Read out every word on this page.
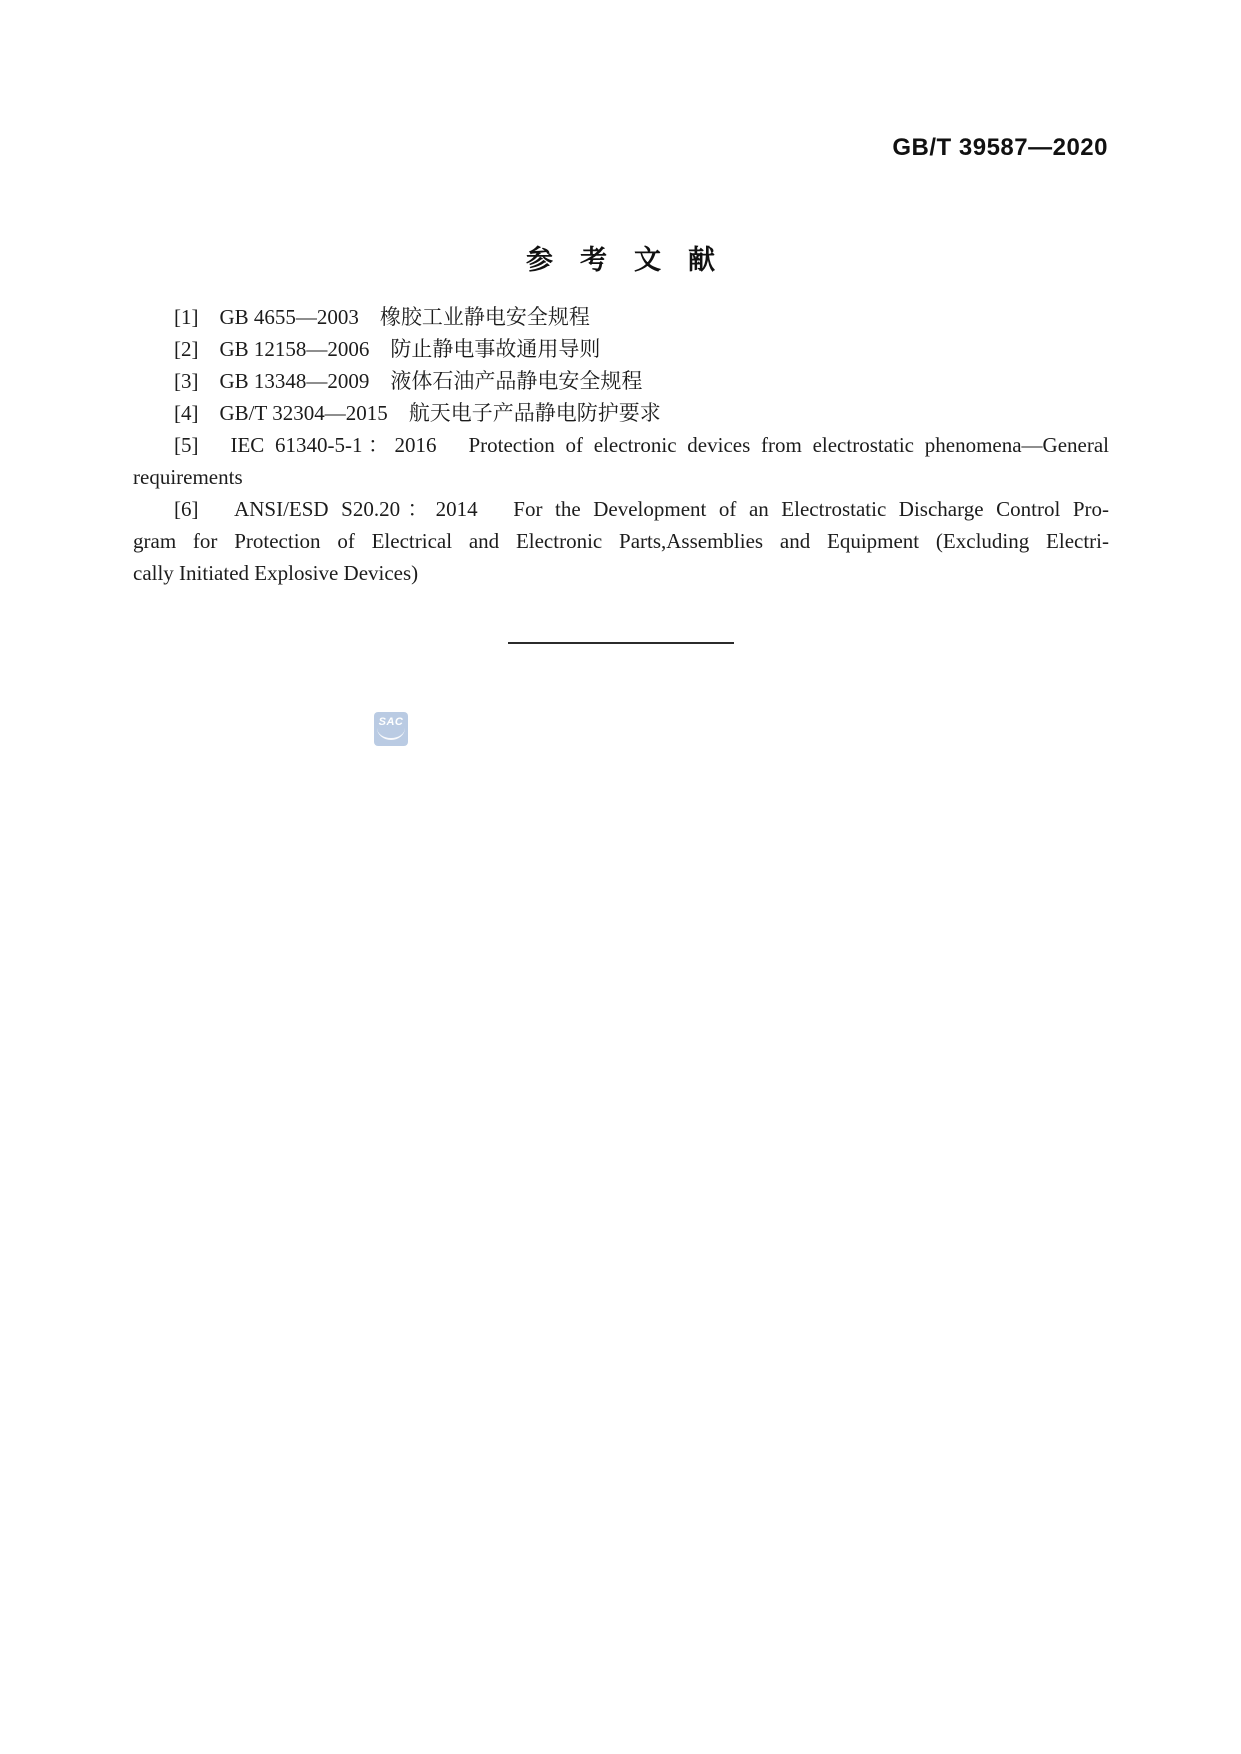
GB/T 39587—2020
参　考　文　献
[1]　GB 4655—2003　橡胶工业静电安全规程
[2]　GB 12158—2006　防止静电事故通用导则
[3]　GB 13348—2009　液体石油产品静电安全规程
[4]　GB/T 32304—2015　航天电子产品静电防护要求
[5]　IEC 61340-5-1：2016　Protection of electronic devices from electrostatic phenomena—General
requirements
[6]　ANSI/ESD S20.20：2014　For the Development of an Electrostatic Discharge Control Pro-
gram for Protection of Electrical and Electronic Parts,Assemblies and Equipment (Excluding Electri-
cally Initiated Explosive Devices)
SAC
